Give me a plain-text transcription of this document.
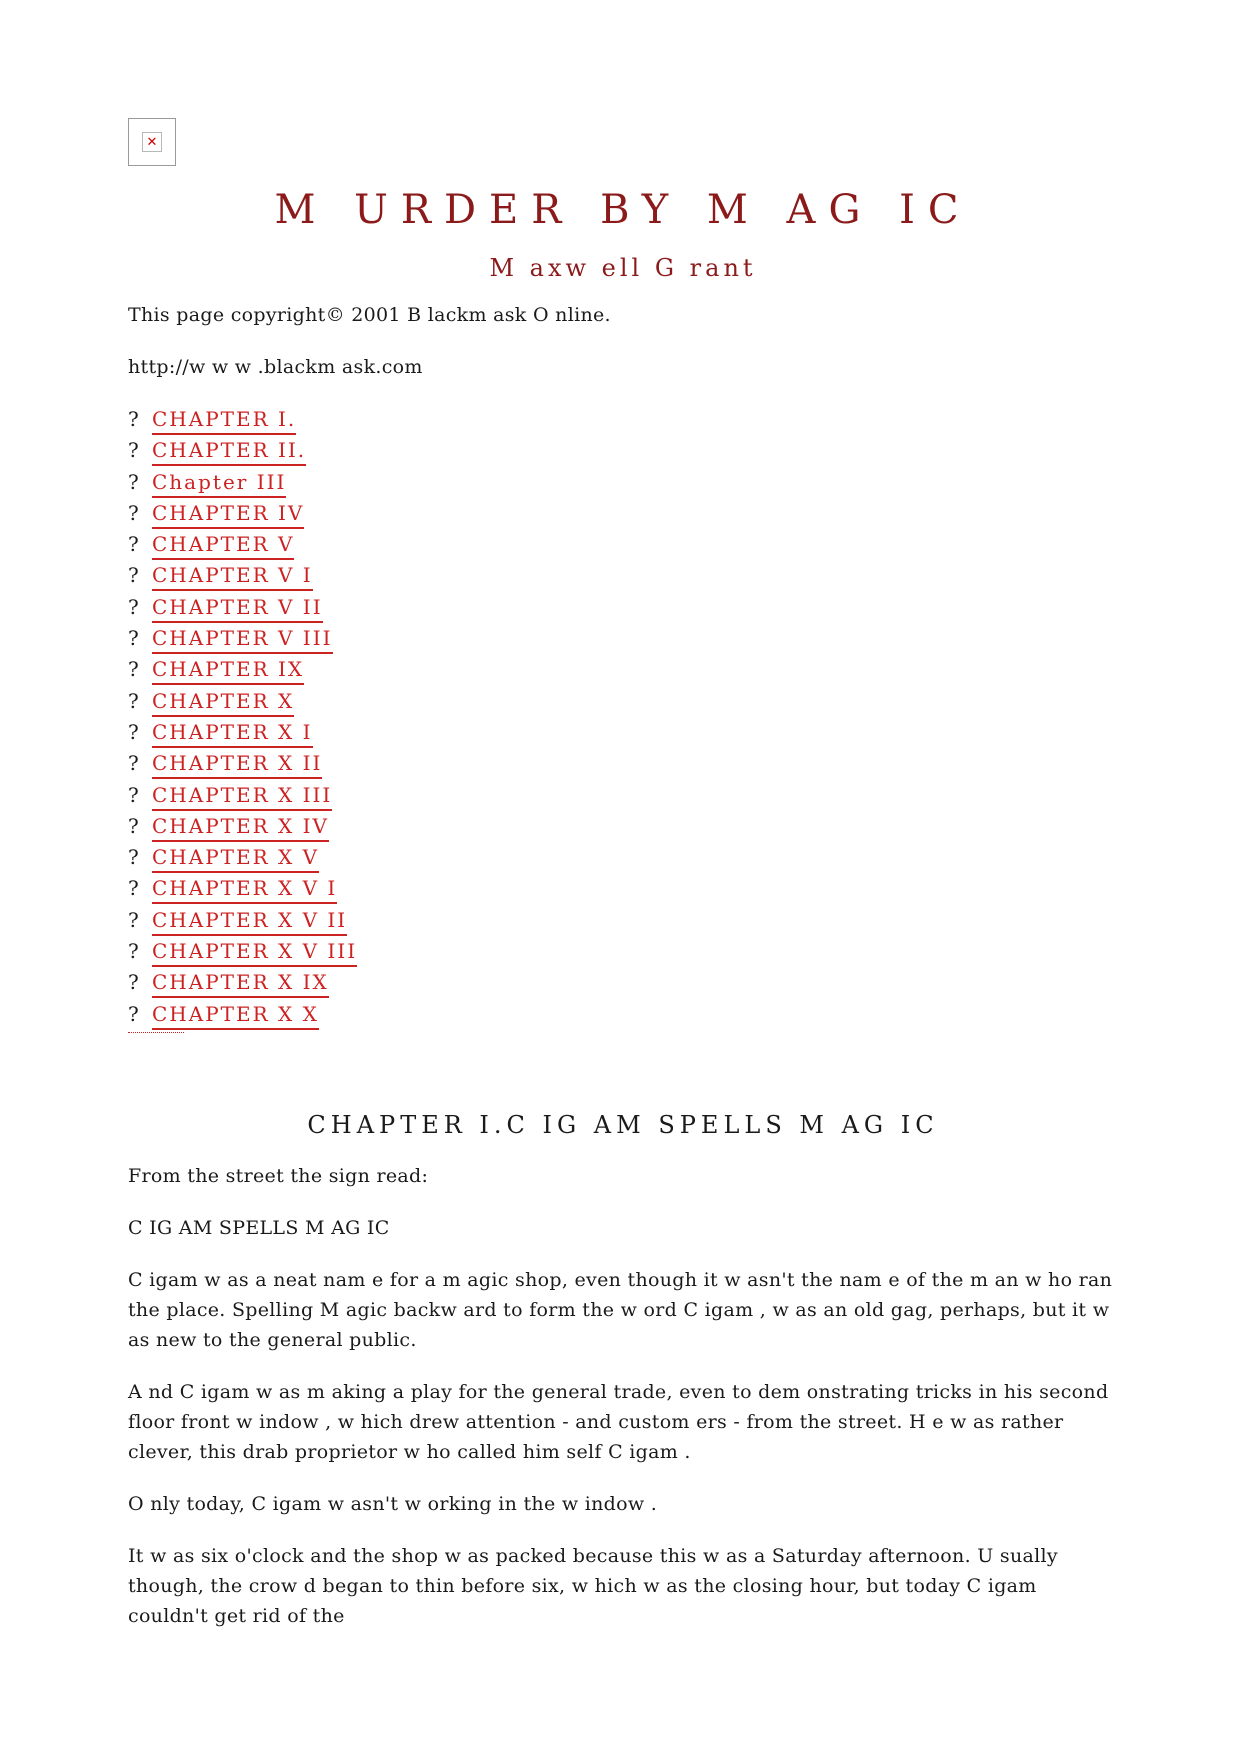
✕
M URDER BY M AG IC
M axw ell G rant

This page copyright© 2001 B lackm ask O nline.

http://w w w .blackm ask.com

? CHAPTER I.
? CHAPTER II.
? Chapter III
? CHAPTER IV
? CHAPTER V
? CHAPTER V I
? CHAPTER V II
? CHAPTER V III
? CHAPTER IX
? CHAPTER X
? CHAPTER X I
? CHAPTER X II
? CHAPTER X III
? CHAPTER X IV
? CHAPTER X V
? CHAPTER X V I
? CHAPTER X V II
? CHAPTER X V III
? CHAPTER X IX
? CHAPTER X X
CHAPTER I.C IG AM SPELLS M AG IC

From the street the sign read:

C IG AM SPELLS M AG IC

C igam w as a neat nam e for a m agic shop, even though it w asn't the nam e of the m an w ho ran the place. Spelling M agic backw ard to form the w ord C igam , w as an old gag, perhaps, but it w as new to the general public.

A nd C igam w as m aking a play for the general trade, even to dem onstrating tricks in his second floor front w indow , w hich drew attention - and custom ers - from the street. H e w as rather clever, this drab proprietor w ho called him self C igam .

O nly today, C igam w asn't w orking in the w indow .

It w as six o'clock and the shop w as packed because this w as a Saturday afternoon. U sually though, the crow d began to thin before six, w hich w as the closing hour, but today C igam couldn't get rid of the
